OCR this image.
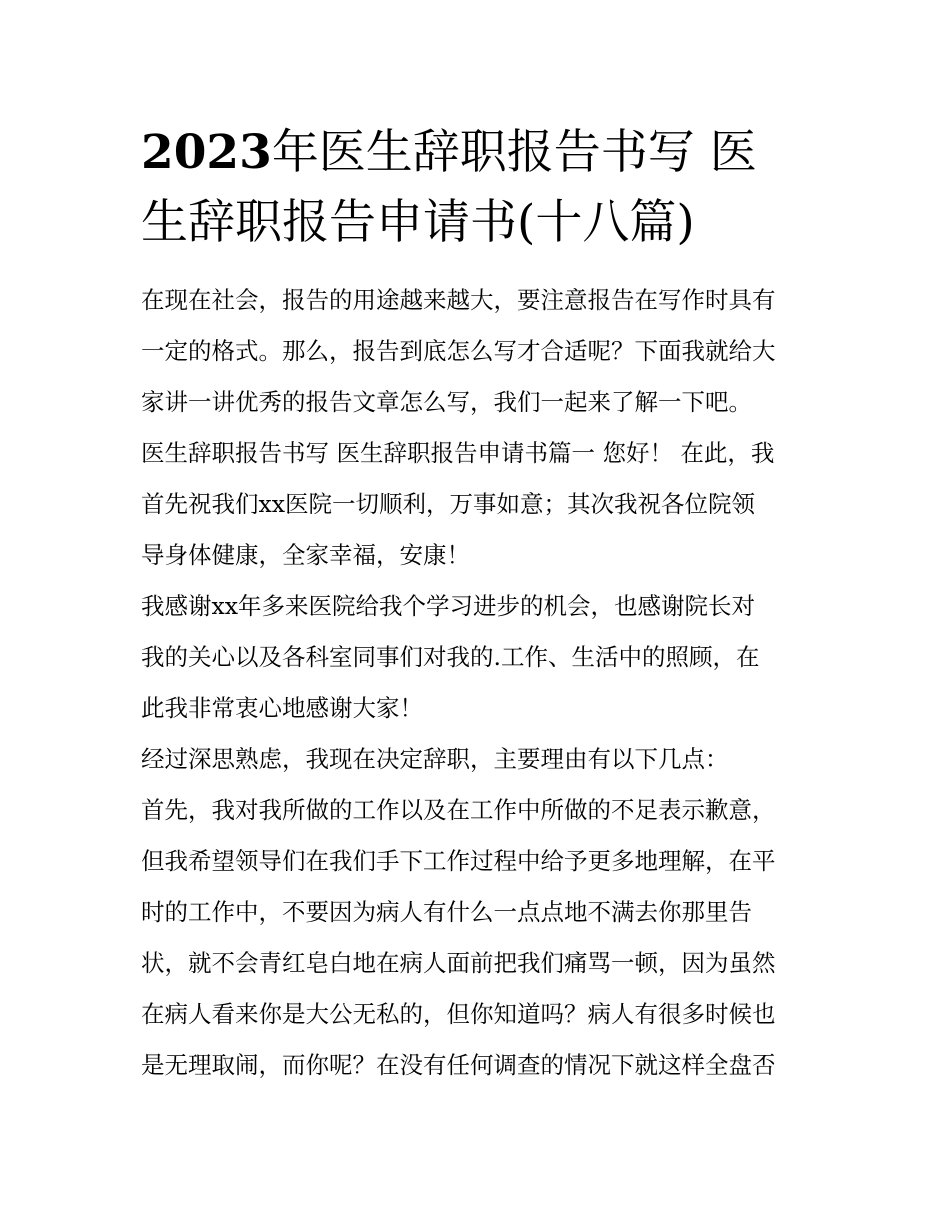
2023年医生辞职报告书写 医
生辞职报告申请书(十八篇)

在现在社会，报告的用途越来越大，要注意报告在写作时具有

一定的格式。那么，报告到底怎么写才合适呢？下面我就给大

家讲一讲优秀的报告文章怎么写，我们一起来了解一下吧。

医生辞职报告书写 医生辞职报告申请书篇一 您好！ 在此，我

首先祝我们xx医院一切顺利，万事如意；其次我祝各位院领

导身体健康，全家幸福，安康！

我感谢xx年多来医院给我个学习进步的机会，也感谢院长对

我的关心以及各科室同事们对我的.工作、生活中的照顾，在

此我非常衷心地感谢大家！

经过深思熟虑，我现在决定辞职，主要理由有以下几点：

首先，我对我所做的工作以及在工作中所做的不足表示歉意，

但我希望领导们在我们手下工作过程中给予更多地理解，在平

时的工作中，不要因为病人有什么一点点地不满去你那里告

状，就不会青红皂白地在病人面前把我们痛骂一顿，因为虽然

在病人看来你是大公无私的，但你知道吗？病人有很多时候也

是无理取闹，而你呢？在没有任何调查的情况下就这样全盘否
